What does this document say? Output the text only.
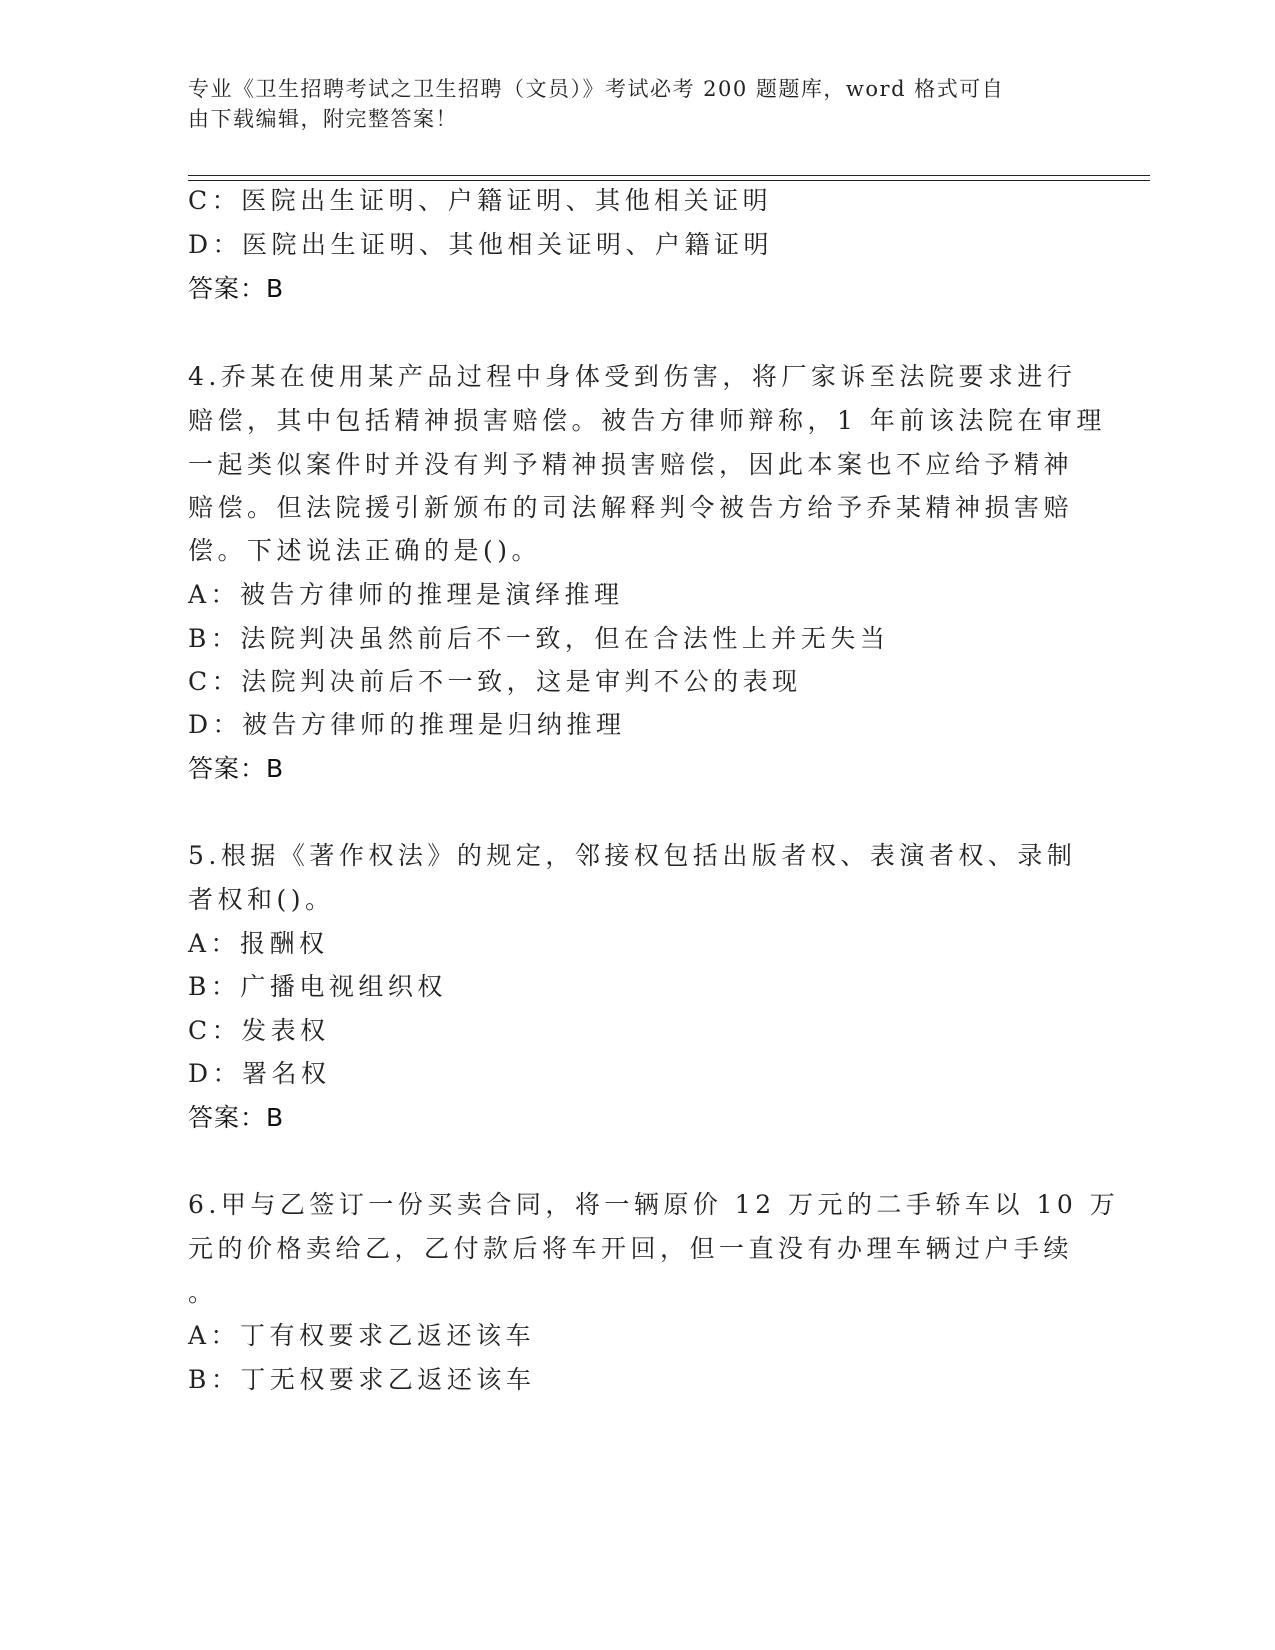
专业《卫生招聘考试之卫生招聘（文员）》考试必考 200 题题库，word 格式可自
由下载编辑，附完整答案！
C：医院出生证明、户籍证明、其他相关证明
D：医院出生证明、其他相关证明、户籍证明
答案：B
4.乔某在使用某产品过程中身体受到伤害，将厂家诉至法院要求进行
赔偿，其中包括精神损害赔偿。被告方律师辩称，1 年前该法院在审理
一起类似案件时并没有判予精神损害赔偿，因此本案也不应给予精神
赔偿。但法院援引新颁布的司法解释判令被告方给予乔某精神损害赔
偿。下述说法正确的是()。
A：被告方律师的推理是演绎推理
B：法院判决虽然前后不一致，但在合法性上并无失当
C：法院判决前后不一致，这是审判不公的表现
D：被告方律师的推理是归纳推理
答案：B
5.根据《著作权法》的规定，邻接权包括出版者权、表演者权、录制
者权和()。
A：报酬权
B：广播电视组织权
C：发表权
D：署名权
答案：B
6.甲与乙签订一份买卖合同，将一辆原价 12 万元的二手轿车以 10 万
元的价格卖给乙，乙付款后将车开回，但一直没有办理车辆过户手续
。
A：丁有权要求乙返还该车
B：丁无权要求乙返还该车
